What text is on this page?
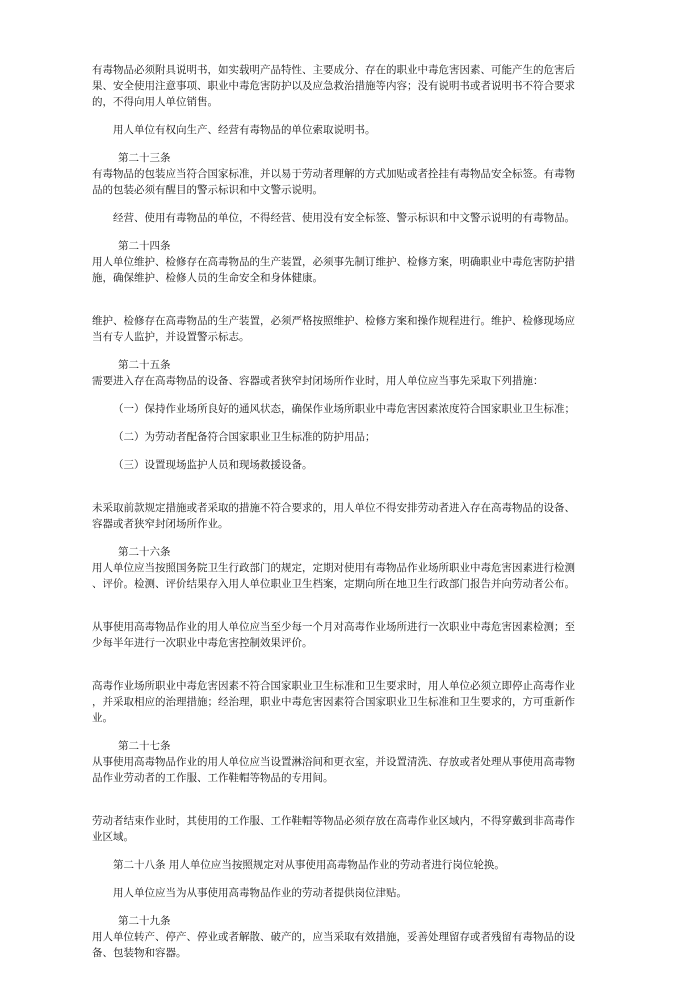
有毒物品必须附具说明书，如实载明产品特性、主要成分、存在的职业中毒危害因素、可能产生的危害后
果、安全使用注意事项、职业中毒危害防护以及应急救治措施等内容；没有说明书或者说明书不符合要求
的，不得向用人单位销售。

用人单位有权向生产、经营有毒物品的单位索取说明书。

第二十三条

有毒物品的包装应当符合国家标准，并以易于劳动者理解的方式加贴或者拴挂有毒物品安全标签。有毒物
品的包装必须有醒目的警示标识和中文警示说明。

经营、使用有毒物品的单位，不得经营、使用没有安全标签、警示标识和中文警示说明的有毒物品。

第二十四条

用人单位维护、检修存在高毒物品的生产装置，必须事先制订维护、检修方案，明确职业中毒危害防护措
施，确保维护、检修人员的生命安全和身体健康。

维护、检修存在高毒物品的生产装置，必须严格按照维护、检修方案和操作规程进行。维护、检修现场应
当有专人监护，并设置警示标志。

第二十五条

需要进入存在高毒物品的设备、容器或者狭窄封闭场所作业时，用人单位应当事先采取下列措施：

（一）保持作业场所良好的通风状态，确保作业场所职业中毒危害因素浓度符合国家职业卫生标准；

（二）为劳动者配备符合国家职业卫生标准的防护用品；

（三）设置现场监护人员和现场救援设备。

未采取前款规定措施或者采取的措施不符合要求的，用人单位不得安排劳动者进入存在高毒物品的设备、
容器或者狭窄封闭场所作业。

第二十六条

用人单位应当按照国务院卫生行政部门的规定，定期对使用有毒物品作业场所职业中毒危害因素进行检测
、评价。检测、评价结果存入用人单位职业卫生档案，定期向所在地卫生行政部门报告并向劳动者公布。

从事使用高毒物品作业的用人单位应当至少每一个月对高毒作业场所进行一次职业中毒危害因素检测；至
少每半年进行一次职业中毒危害控制效果评价。

高毒作业场所职业中毒危害因素不符合国家职业卫生标准和卫生要求时，用人单位必须立即停止高毒作业
，并采取相应的治理措施；经治理，职业中毒危害因素符合国家职业卫生标准和卫生要求的，方可重新作
业。

第二十七条

从事使用高毒物品作业的用人单位应当设置淋浴间和更衣室，并设置清洗、存放或者处理从事使用高毒物
品作业劳动者的工作服、工作鞋帽等物品的专用间。

劳动者结束作业时，其使用的工作服、工作鞋帽等物品必须存放在高毒作业区域内，不得穿戴到非高毒作
业区域。

第二十八条 用人单位应当按照规定对从事使用高毒物品作业的劳动者进行岗位轮换。

用人单位应当为从事使用高毒物品作业的劳动者提供岗位津贴。

第二十九条

用人单位转产、停产、停业或者解散、破产的，应当采取有效措施，妥善处理留存或者残留有毒物品的设
备、包装物和容器。
